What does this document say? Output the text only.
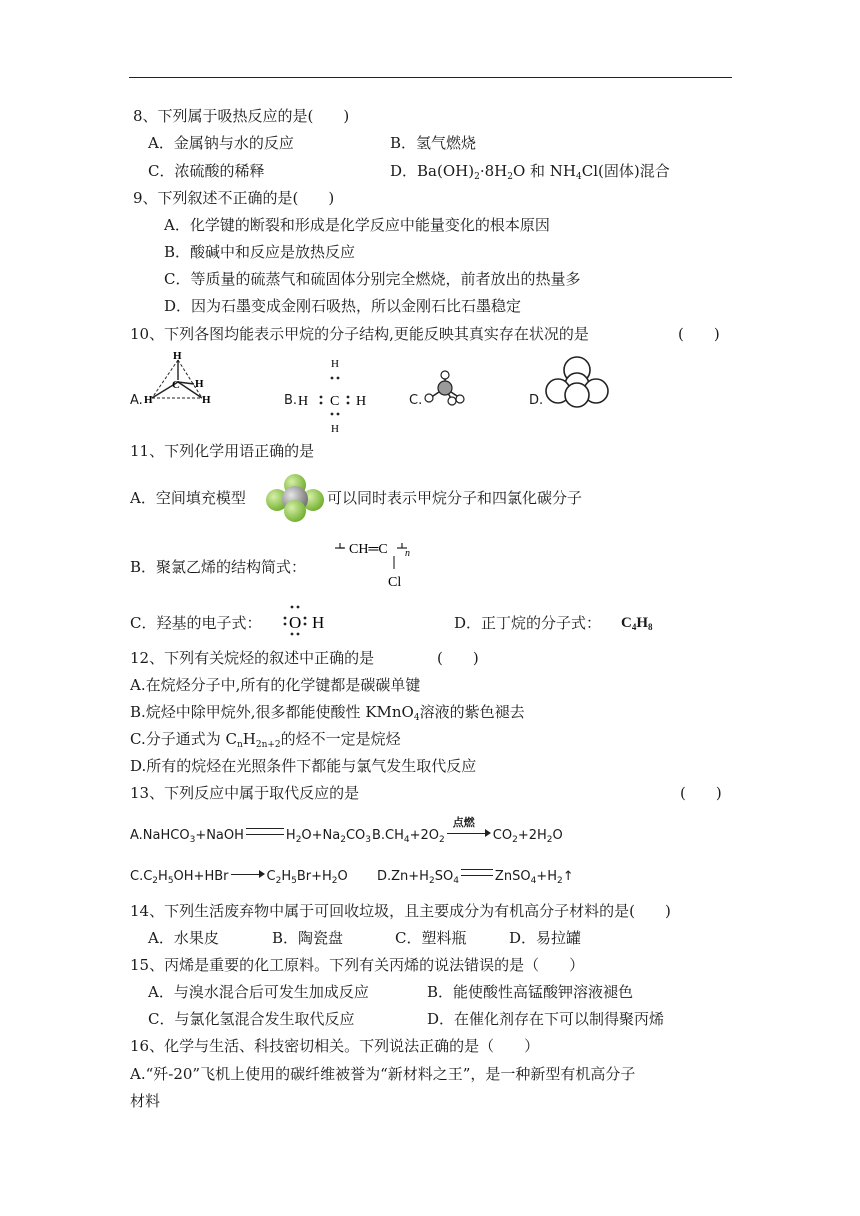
8、下列属于吸热反应的是(　　)
A．金属钠与水的反应	B．氢气燃烧
C．浓硫酸的稀释	D．$Ba(OH)_2\cdot 8H_2O$ 和 $NH_4Cl$(固体)混合
9、下列叙述不正确的是(　　)
A．化学键的断裂和形成是化学反应中能量变化的根本原因
B．酸碱中和反应是放热反应
C．等质量的硫蒸气和硫固体分别完全燃烧，前者放出的热量多
D．因为石墨变成金刚石吸热，所以金刚石比石墨稳定
10、下列各图均能表示甲烷的分子结构,更能反映其真实存在状况的是	(　　)
A.
H
C H
H	H	B.
H
H C H
H
C.	D.
11、下列化学用语正确的是
A．空间填充模型	可以同时表示甲烷分子和四氯化碳分子
B．聚氯乙烯的结构简式：
CH═C n
Cl
C．羟基的电子式： O H	D．正丁烷的分子式： $C_4H_8$
12、下列有关烷烃的叙述中正确的是	(　　)
A.在烷烃分子中,所有的化学键都是碳碳单键
B.烷烃中除甲烷外,很多都能使酸性 KMnO$_4$溶液的紫色褪去
C.分子通式为 $C_nH_{2n+2}$的烃不一定是烷烃
D.所有的烷烃在光照条件下都能与氯气发生取代反应
13、下列反应中属于取代反应的是	(　　)
A.NaHCO$_3$+NaOH	$H_2O+Na_2CO_3$ $B.CH_4+2O_2$
点燃
$CO_2+2H_2O$
$C.C_2H_5OH+HBr$	$C_2H_5Br+H_2O$ $D.Zn+H_2SO_4$	$ZnSO_4+H_2↑$
14、下列生活废弃物中属于可回收垃圾，且主要成分为有机高分子材料的是(　　)
A．水果皮	B．陶瓷盘	C．塑料瓶	D．易拉罐
15、丙烯是重要的化工原料。下列有关丙烯的说法错误的是（　　）
A．与溴水混合后可发生加成反应	B．能使酸性高锰酸钾溶液褪色
C．与氯化氢混合发生取代反应	D．在催化剂存在下可以制得聚丙烯
16、化学与生活、科技密切相关。下列说法正确的是（　　）
A.“歼-20”飞机上使用的碳纤维被誉为“新材料之王”，是一种新型有机高分子
材料
